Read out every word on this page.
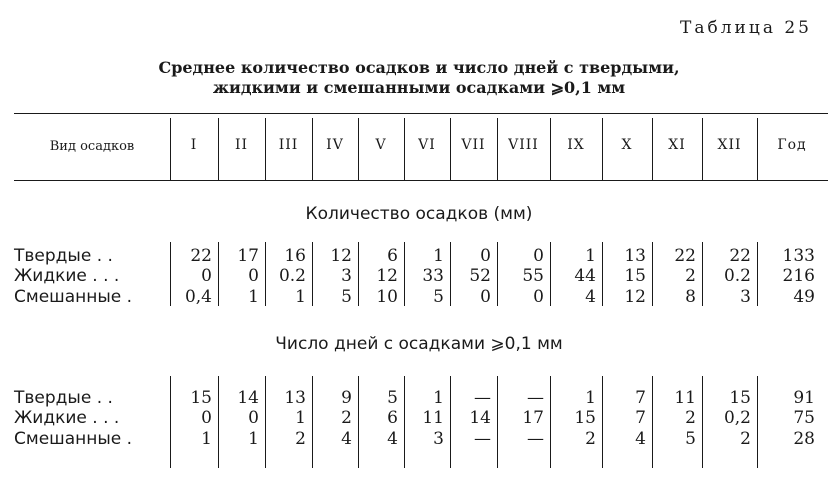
Таблица 25
Среднее количество осадков и число дней с твердыми,
жидкими и смешанными осадками ⩾0,1 мм
Вид осадков	I	II	III	IV	V	VI	VII	VIII	IX	X	XI	XII	Год
Количество осадков (мм)
Число дней с осадками ⩾0,1 мм
Твердые . .	22	17	16	12	6	1	0	0	1	13	22	22	133
Жидкие . . .	0	0	0.2	3	12	33	52	55	44	15	2	0.2	216
Смешанные .	0,4	1	1	5	10	5	0	0	4	12	8	3	49
Твердые . .	15	14	13	9	5	1	—	—	1	7	11	15	91
Жидкие . . .	0	0	1	2	6	11	14	17	15	7	2	0,2	75
Смешанные .	1	1	2	4	4	3	—	—	2	4	5	2	28
